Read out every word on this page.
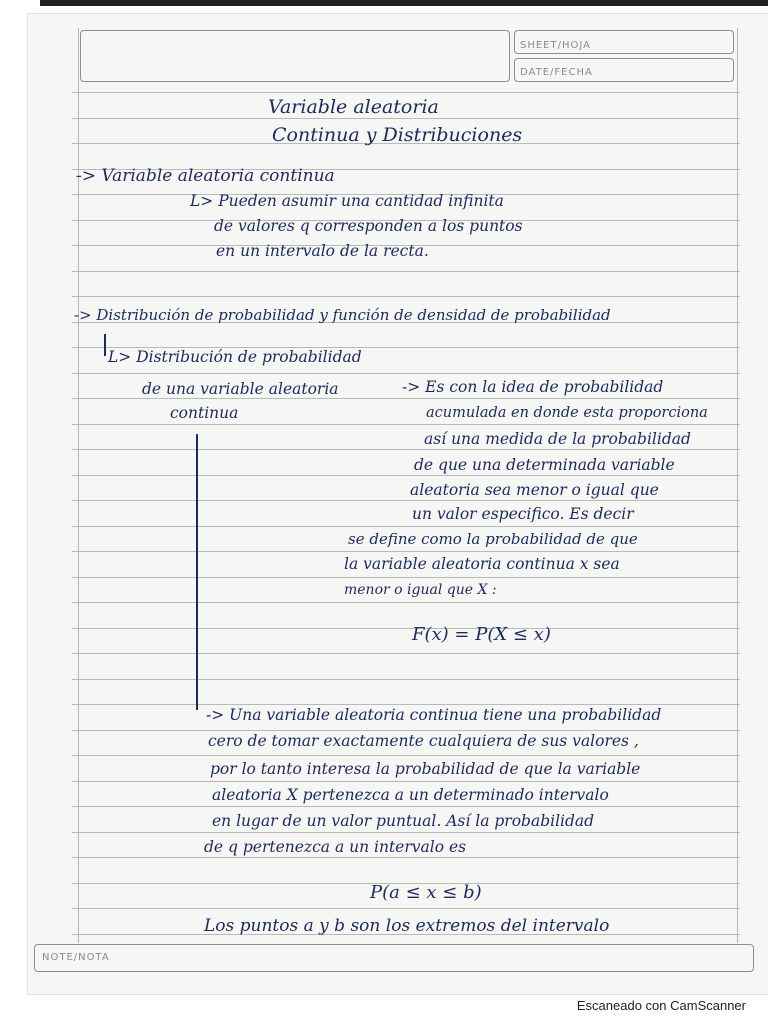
SHEET/HOJA
DATE/FECHA
Variable aleatoria
Continua y Distribuciones
-> Variable aleatoria continua
L> Pueden asumir una cantidad infinita
de valores q corresponden a los puntos
en un intervalo de la recta.
-> Distribución de probabilidad y función de densidad de probabilidad
L> Distribución de probabilidad
de una variable aleatoria
continua
-> Es con la idea de probabilidad
acumulada en donde esta proporciona
así una medida de la probabilidad
de que una determinada variable
aleatoria sea menor o igual que
un valor especifico. Es decir
se define como la probabilidad de que
la variable aleatoria continua x sea
menor o igual que X :
F(x) = P(X ≤ x)
-> Una variable aleatoria continua tiene una probabilidad
cero de tomar exactamente cualquiera de sus valores ,
por lo tanto interesa la probabilidad de que la variable
aleatoria X pertenezca a un determinado intervalo
en lugar de un valor puntual. Así la probabilidad
de q pertenezca a un intervalo es
P(a ≤ x ≤ b)
Los puntos a y b son los extremos del intervalo
NOTE/NOTA
Escaneado con CamScanner
